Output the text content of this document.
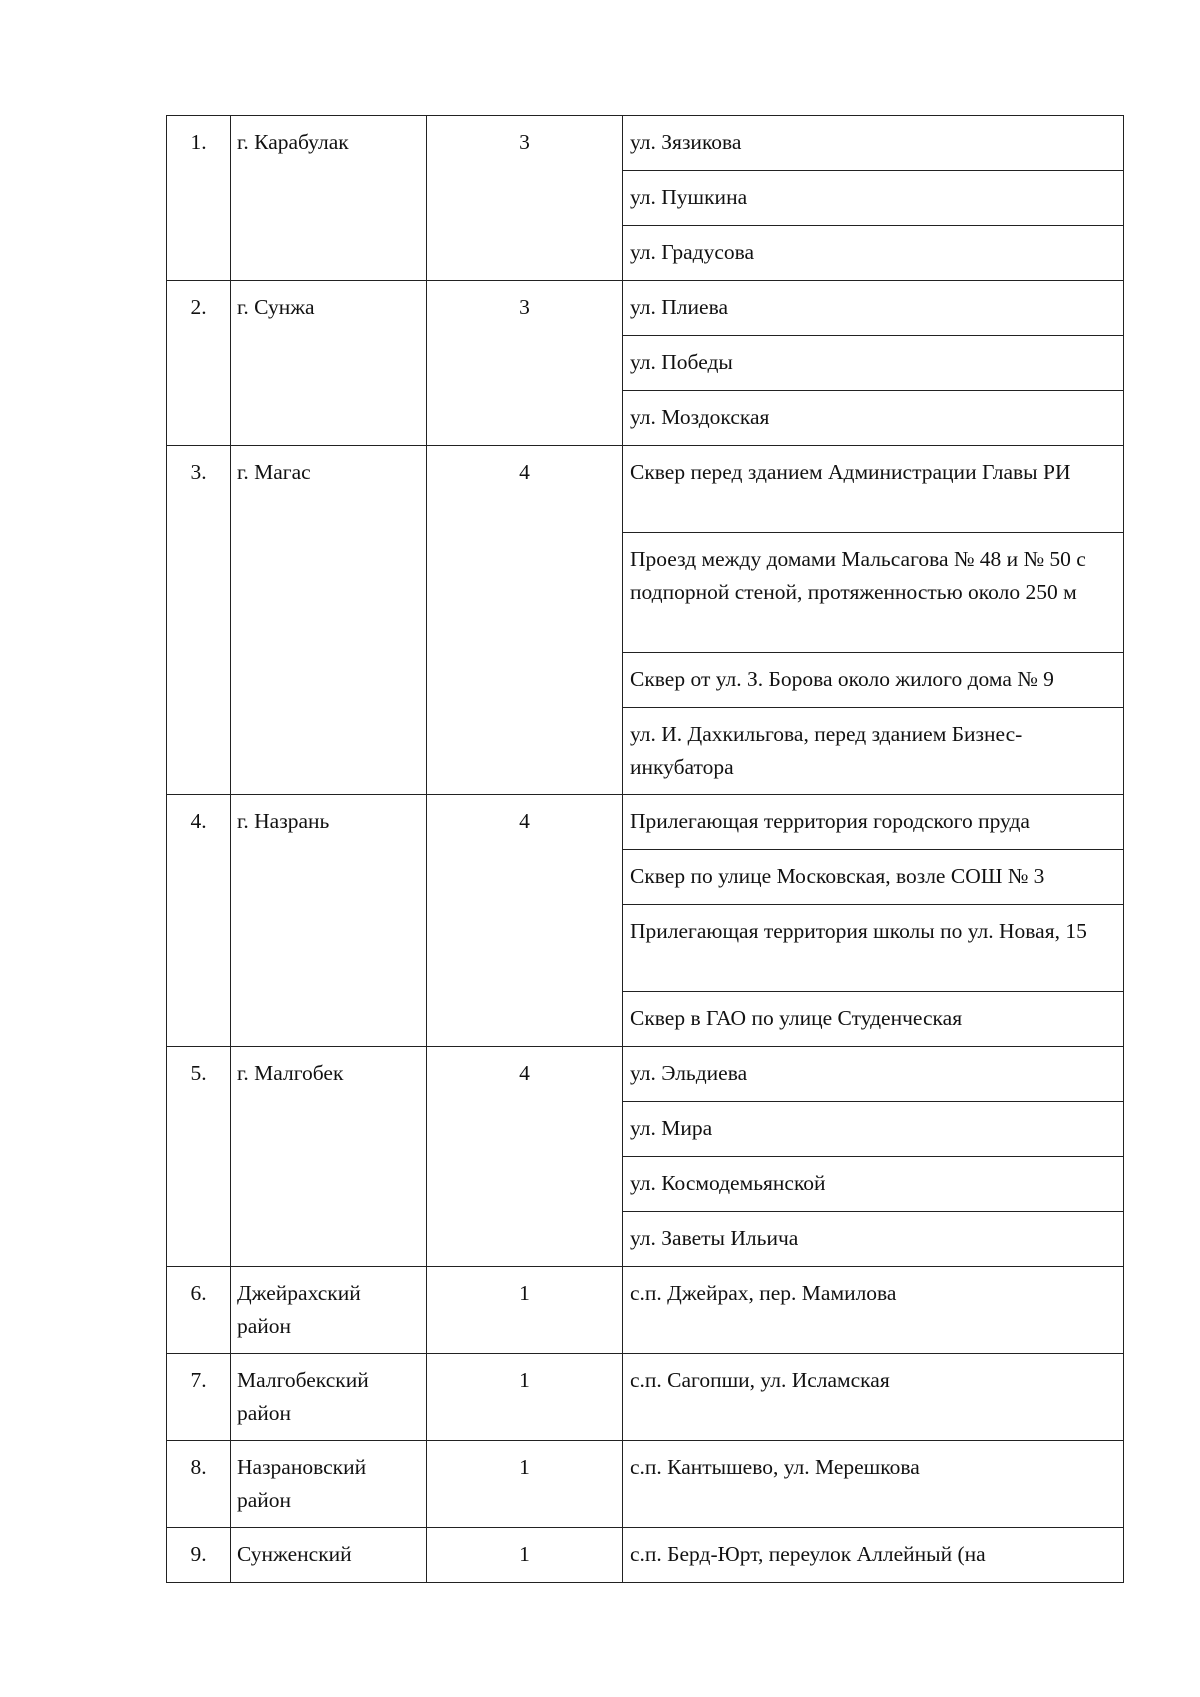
1.	г. Карабулак	3	ул. Зязикова
			ул. Пушкина
			ул. Градусова
2.	г. Сунжа	3	ул. Плиева
			ул. Победы
			ул. Моздокская
3.	г. Магас	4	Сквер перед зданием Администрации Главы РИ
			Проезд между домами Мальсагова № 48 и № 50 с подпорной стеной, протяженностью около 250 м
			Сквер от ул. З. Борова около жилого дома № 9
			ул. И. Дахкильгова, перед зданием Бизнес-инкубатора
4.	г. Назрань	4	Прилегающая территория городского пруда
			Сквер по улице Московская, возле СОШ № 3
			Прилегающая территория школы по ул. Новая, 15
			Сквер в ГАО по улице Студенческая
5.	г. Малгобек	4	ул. Эльдиева
			ул. Мира
			ул. Космодемьянской
			ул. Заветы Ильича
6.	Джейрахский район	1	с.п. Джейрах, пер. Мамилова
7.	Малгобекский район	1	с.п. Сагопши, ул. Исламская
8.	Назрановский район	1	с.п. Кантышево, ул. Мерешкова
9.	Сунженский	1	с.п. Берд-Юрт, переулок Аллейный (на
